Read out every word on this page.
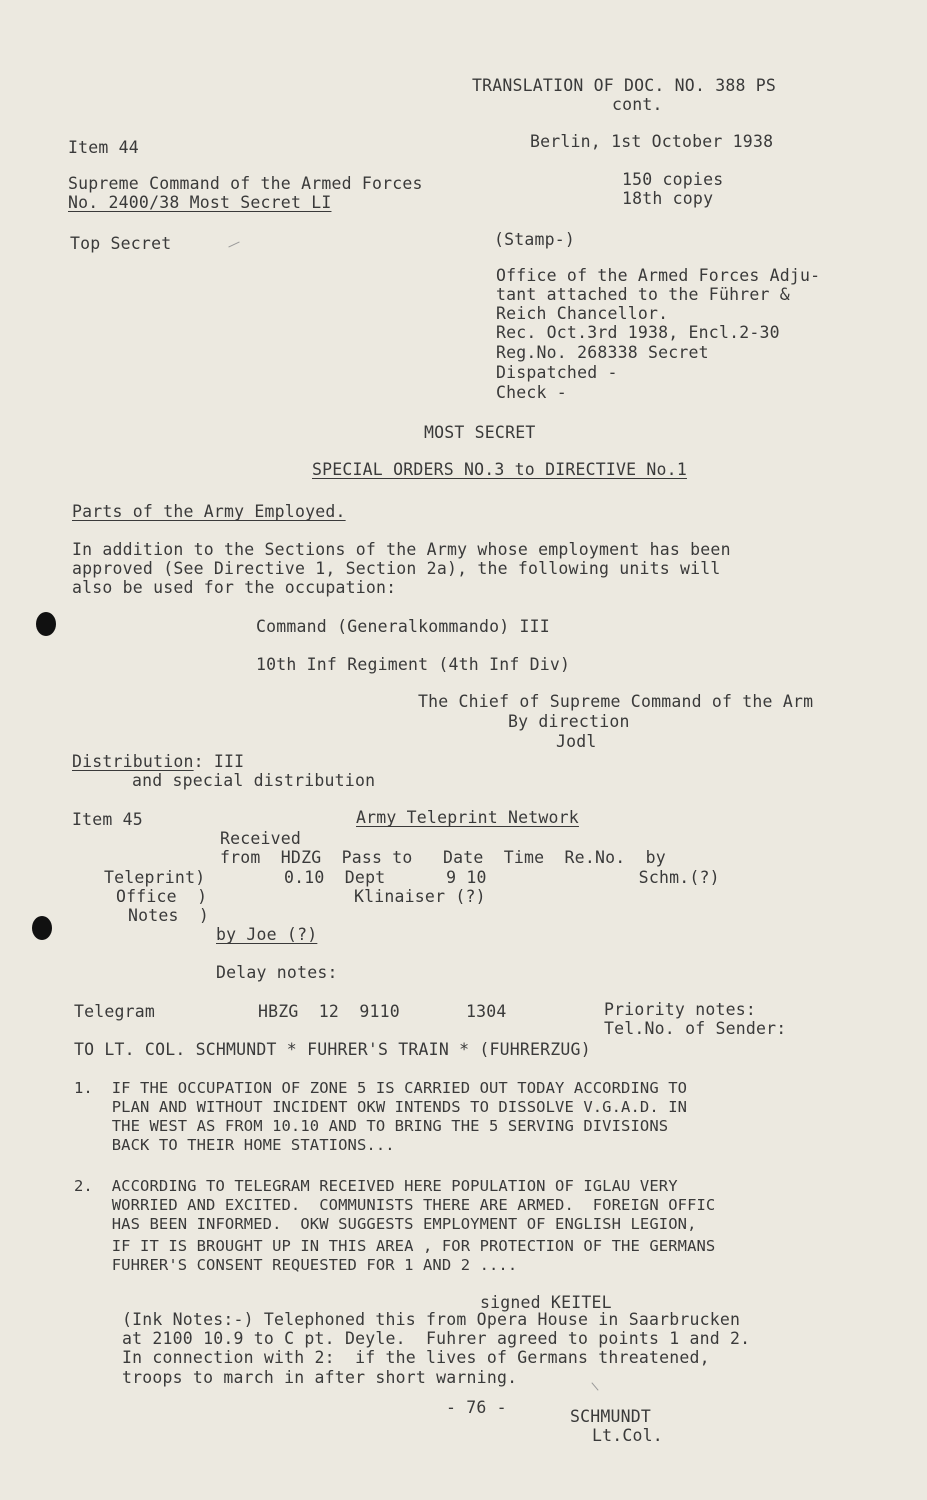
TRANSLATION OF DOC. NO. 388 PS
cont.
Item 44	Berlin, 1st October 1938
Supreme Command of the Armed Forces
No. 2400/38 Most Secret LI
150 copies
18th copy
Top Secret	(Stamp-)
Office of the Armed Forces Adju-
tant attached to the Führer &
Reich Chancellor.
Rec. Oct.3rd 1938, Encl.2-30
Reg.No. 268338 Secret
Dispatched -
Check -
MOST SECRET
SPECIAL ORDERS NO.3 to DIRECTIVE No.1
Parts of the Army Employed.
In addition to the Sections of the Army whose employment has been
approved (See Directive 1, Section 2a), the following units will
also be used for the occupation:
Command (Generalkommando) III
10th Inf Regiment (4th Inf Div)
The Chief of Supreme Command of the Arm
By direction
Jodl
Distribution: III
and special distribution
Item 45	Army Teleprint Network
Received
from  HDZG  Pass to   Date  Time  Re.No.  by
0.10  Dept      9 10               Schm.(?)
Klinaiser (?)
Teleprint)
Office  )
Notes  )
by Joe (?)
Delay notes:
Telegram	HBZG  12  9110	1304	Priority notes:
Tel.No. of Sender:
TO LT. COL. SCHMUNDT * FUHRER'S TRAIN * (FUHRERZUG)
1.  IF THE OCCUPATION OF ZONE 5 IS CARRIED OUT TODAY ACCORDING TO
PLAN AND WITHOUT INCIDENT OKW INTENDS TO DISSOLVE V.G.A.D. IN
THE WEST AS FROM 10.10 AND TO BRING THE 5 SERVING DIVISIONS
BACK TO THEIR HOME STATIONS...
2.  ACCORDING TO TELEGRAM RECEIVED HERE POPULATION OF IGLAU VERY
WORRIED AND EXCITED.  COMMUNISTS THERE ARE ARMED.  FOREIGN OFFIC
HAS BEEN INFORMED.  OKW SUGGESTS EMPLOYMENT OF ENGLISH LEGION,
IF IT IS BROUGHT UP IN THIS AREA , FOR PROTECTION OF THE GERMANS
FUHRER'S CONSENT REQUESTED FOR 1 AND 2 ....
signed KEITEL
(Ink Notes:-) Telephoned this from Opera House in Saarbrucken
at 2100 10.9 to C pt. Deyle.  Fuhrer agreed to points 1 and 2.
In connection with 2:  if the lives of Germans threatened,
troops to march in after short warning.
- 76 -	SCHMUNDT
Lt.Col.
